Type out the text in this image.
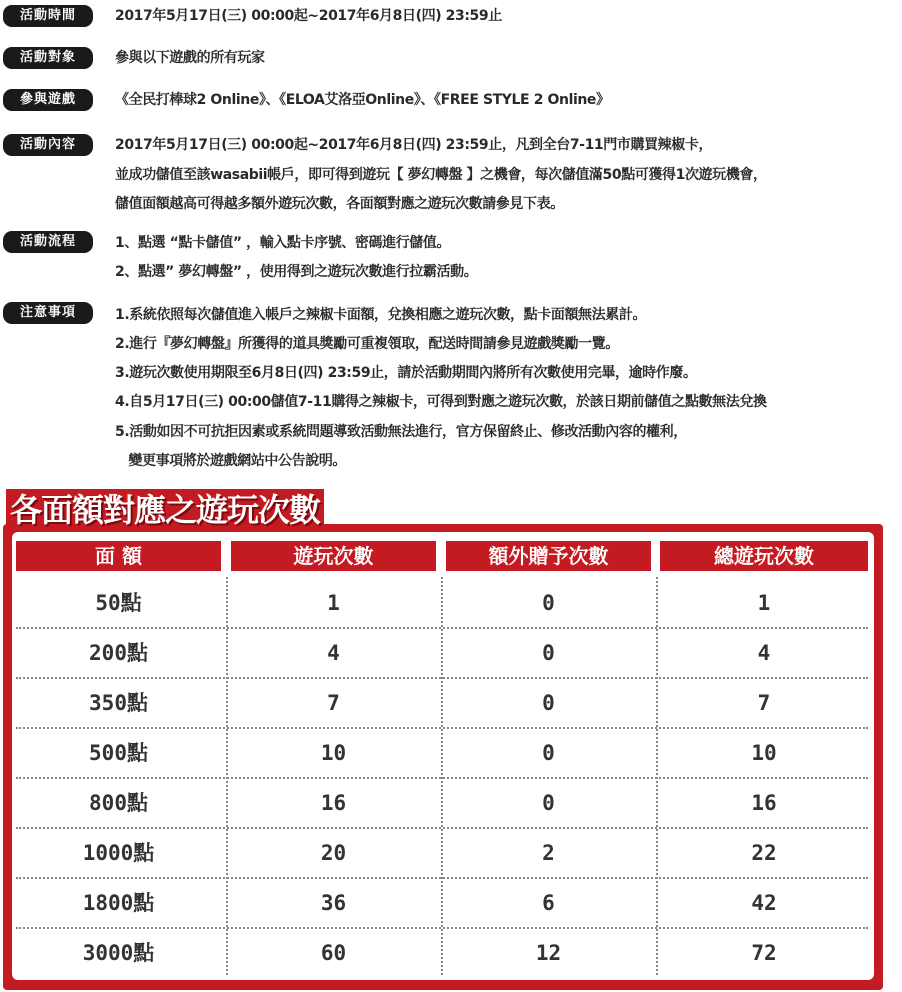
活動時間	2017年5月17日(三) 00:00起~2017年6月8日(四) 23:59止
活動對象	參與以下遊戲的所有玩家
參與遊戲	《全民打棒球2 Online》、《ELOA艾洛亞Online》、《FREE STYLE 2 Online》
活動內容	2017年5月17日(三) 00:00起~2017年6月8日(四) 23:59止，凡到全台7-11門市購買辣椒卡，
並成功儲值至該wasabii帳戶，即可得到遊玩【 夢幻轉盤 】之機會，每次儲值滿50點可獲得1次遊玩機會，
儲值面額越高可得越多額外遊玩次數，各面額對應之遊玩次數請參見下表。
活動流程	1、點選 “點卡儲值” ，輸入點卡序號、密碼進行儲值。
2、點選” 夢幻轉盤” ，使用得到之遊玩次數進行拉霸活動。
注意事項	1.系統依照每次儲值進入帳戶之辣椒卡面額，兌換相應之遊玩次數，點卡面額無法累計。
2.進行『夢幻轉盤』所獲得的道具獎勵可重複領取，配送時間請參見遊戲獎勵一覽。
3.遊玩次數使用期限至6月8日(四) 23:59止，請於活動期間內將所有次數使用完畢，逾時作廢。
4.自5月17日(三) 00:00儲值7-11購得之辣椒卡，可得到對應之遊玩次數，於該日期前儲值之點數無法兌換
5.活動如因不可抗拒因素或系統問題導致活動無法進行，官方保留終止、修改活動內容的權利，
變更事項將於遊戲網站中公告說明。
各面額對應之遊玩次數
面 額	遊玩次數	額外贈予次數	總遊玩次數
50點	1	0	1
200點	4	0	4
350點	7	0	7
500點	10	0	10
800點	16	0	16
1000點	20	2	22
1800點	36	6	42
3000點	60	12	72
